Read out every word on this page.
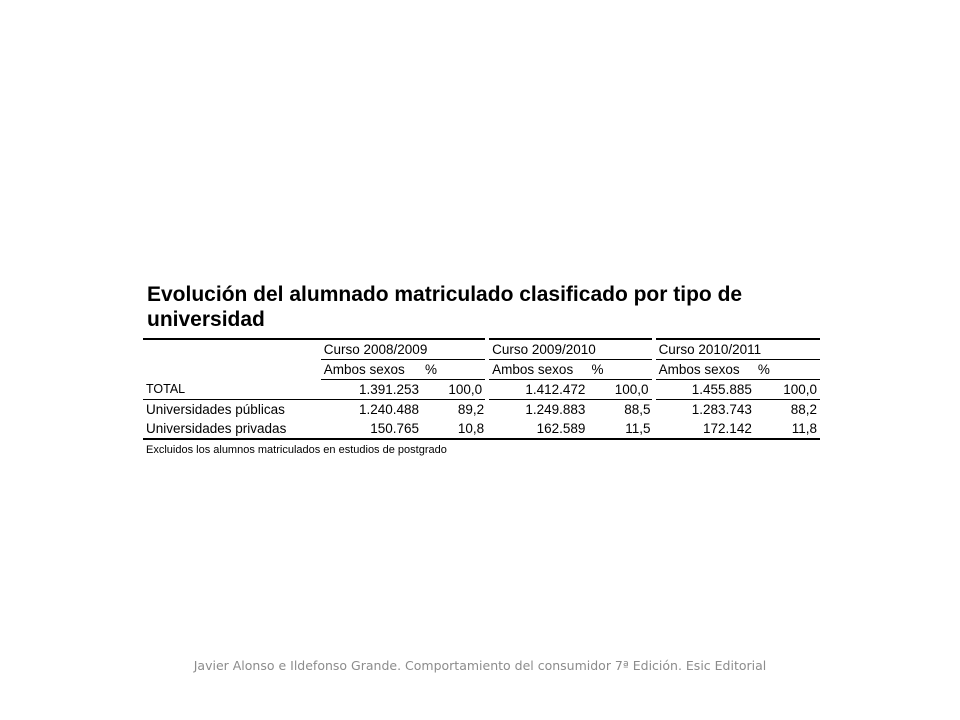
Evolución del alumnado matriculado clasificado por tipo de universidad
	Curso 2008/2009		Curso 2009/2010		Curso 2010/2011	
	Ambos sexos	%	Ambos sexos	%	Ambos sexos	%
TOTAL	1.391.253	100,0	1.412.472	100,0	1.455.885	100,0
Universidades públicas	1.240.488	89,2	1.249.883	88,5	1.283.743	88,2
Universidades privadas	150.765	10,8	162.589	11,5	172.142	11,8
Excluidos los alumnos matriculados en estudios de postgrado
Javier Alonso e Ildefonso Grande. Comportamiento del consumidor 7ª Edición. Esic Editorial
